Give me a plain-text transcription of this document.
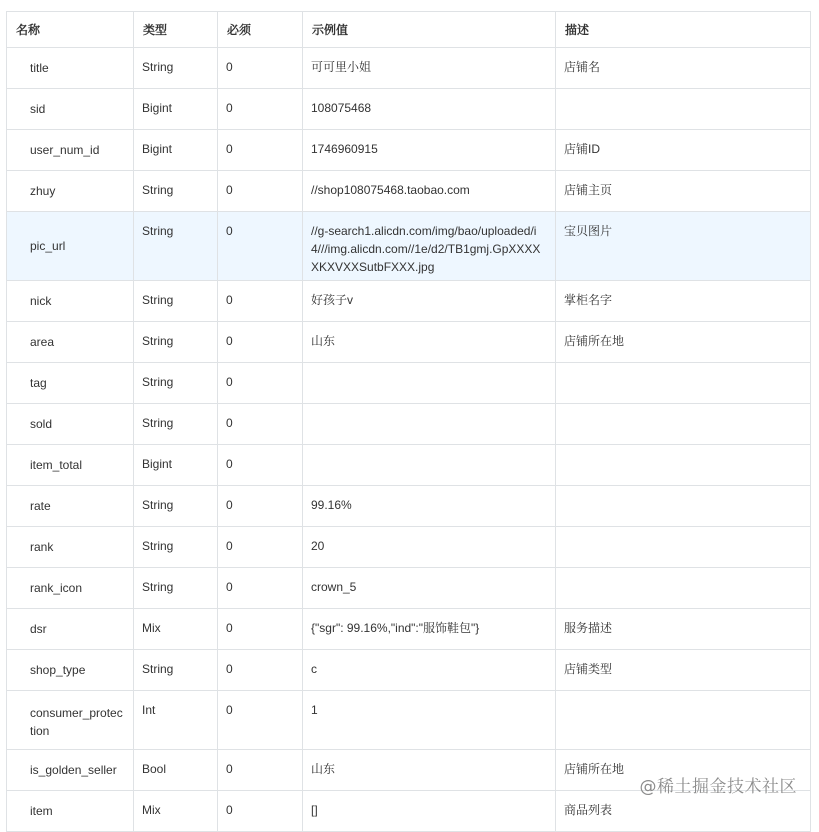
名称	类型	必须	示例值	描述
title	String	0	可可里小姐	店铺名
sid	Bigint	0	108075468	
user_num_id	Bigint	0	1746960915	店铺ID
zhuy	String	0	//shop108075468.taobao.com	店铺主页
pic_url	String	0	//g-search1.alicdn.com/img/bao/uploaded/i4///img.alicdn.com//1e/d2/TB1gmj.GpXXXXXKXVXXSutbFXXX.jpg	宝贝图片
nick	String	0	好孩子v	掌柜名字
area	String	0	山东	店铺所在地
tag	String	0		
sold	String	0		
item_total	Bigint	0		
rate	String	0	99.16%	
rank	String	0	20	
rank_icon	String	0	crown_5	
dsr	Mix	0	{"sgr": 99.16%,"ind":"服饰鞋包"}	服务描述
shop_type	String	0	c	店铺类型
consumer_protection	Int	0	1	
is_golden_seller	Bool	0	山东	店铺所在地
item	Mix	0	[]	商品列表
@稀土掘金技术社区
